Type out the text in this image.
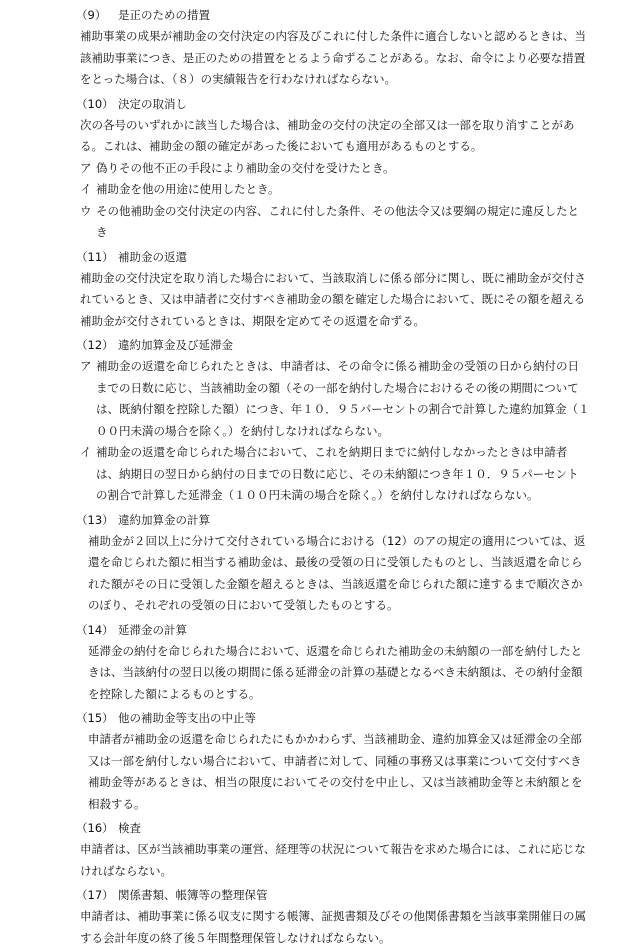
（9） 是正のための措置

補助事業の成果が補助金の交付決定の内容及びこれに付した条件に適合しないと認めるときは、当該補助事業につき、是正のための措置をとるよう命ずることがある。なお、命令により必要な措置をとった場合は、（８）の実績報告を行わなければならない。

（10） 決定の取消し

次の各号のいずれかに該当した場合は、補助金の交付の決定の全部又は一部を取り消すことがある。これは、補助金の額の確定があった後においても適用があるものとする。

ア 偽りその他不正の手段により補助金の交付を受けたとき。
イ 補助金を他の用途に使用したとき。
ウ その他補助金の交付決定の内容、これに付した条件、その他法令又は要綱の規定に違反したとき
（11） 補助金の返還

補助金の交付決定を取り消した場合において、当該取消しに係る部分に関し、既に補助金が交付されているとき、又は申請者に交付すべき補助金の額を確定した場合において、既にその額を超える補助金が交付されているときは、期限を定めてその返還を命ずる。

（12） 違約加算金及び延滞金
ア 補助金の返還を命じられたときは、申請者は、その命令に係る補助金の受領の日から納付の日までの日数に応じ、当該補助金の額（その一部を納付した場合におけるその後の期間については、既納付額を控除した額）につき、年１０．９５パーセントの割合で計算した違約加算金（１００円未満の場合を除く。）を納付しなければならない。
イ 補助金の返還を命じられた場合において、これを納期日までに納付しなかったときは申請者は、納期日の翌日から納付の日までの日数に応じ、その未納額につき年１０．９５パーセントの割合で計算した延滞金（１００円未満の場合を除く。）を納付しなければならない。
（13） 違約加算金の計算

補助金が２回以上に分けて交付されている場合における（12）のアの規定の適用については、返還を命じられた額に相当する補助金は、最後の受領の日に受領したものとし、当該返還を命じられた額がその日に受領した金額を超えるときは、当該返還を命じられた額に達するまで順次さかのぼり、それぞれの受領の日において受領したものとする。

（14） 延滞金の計算

延滞金の納付を命じられた場合において、返還を命じられた補助金の未納額の一部を納付したときは、当該納付の翌日以後の期間に係る延滞金の計算の基礎となるべき未納額は、その納付金額を控除した額によるものとする。

（15） 他の補助金等支出の中止等

申請者が補助金の返還を命じられたにもかかわらず、当該補助金、違約加算金又は延滞金の全部又は一部を納付しない場合において、申請者に対して、同種の事務又は事業について交付すべき補助金等があるときは、相当の限度においてその交付を中止し、又は当該補助金等と未納額とを相殺する。

（16） 検査

申請者は、区が当該補助事業の運営、経理等の状況について報告を求めた場合には、これに応じなければならない。

（17） 関係書類、帳簿等の整理保管

申請者は、補助事業に係る収支に関する帳簿、証拠書類及びその他関係書類を当該事業開催日の属する会計年度の終了後５年間整理保管しなければならない。
